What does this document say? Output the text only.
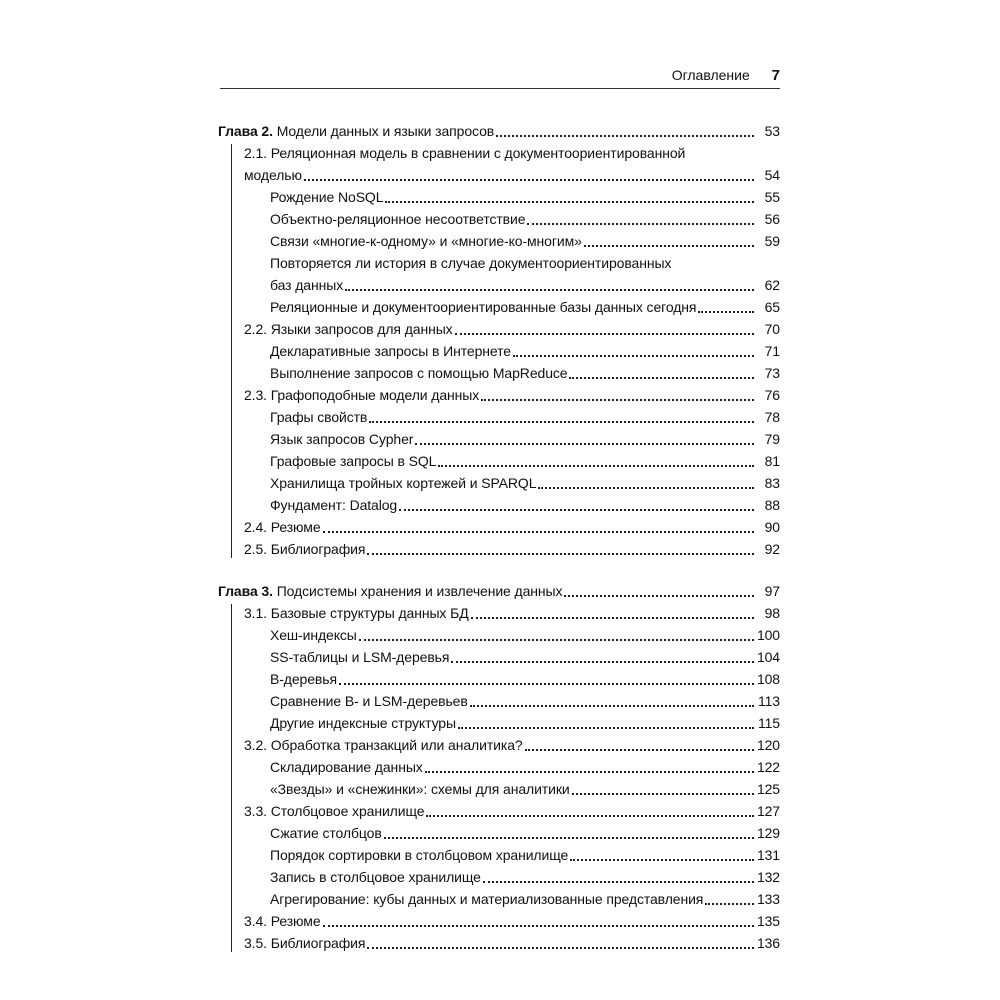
Оглавление 7
Глава 2. Модели данных и языки запросов	53
2.1. Реляционная модель в сравнении с документоориентированной
моделью	54
Рождение NoSQL	55
Объектно-реляционное несоответствие	56
Связи «многие-к-одному» и «многие-ко-многим»	59
Повторяется ли история в случае документоориентированных
баз данных	62
Реляционные и документоориентированные базы данных сегодня	65
2.2. Языки запросов для данных	70
Декларативные запросы в Интернете	71
Выполнение запросов с помощью MapReduce	73
2.3. Графоподобные модели данных	76
Графы свойств	78
Язык запросов Cypher	79
Графовые запросы в SQL	81
Хранилища тройных кортежей и SPARQL	83
Фундамент: Datalog	88
2.4. Резюме	90
2.5. Библиография	92
Глава 3. Подсистемы хранения и извлечение данных	97
3.1. Базовые структуры данных БД	98
Хеш-индексы	100
SS-таблицы и LSM-деревья	104
B-деревья	108
Сравнение B- и LSM-деревьев	113
Другие индексные структуры	115
3.2. Обработка транзакций или аналитика?	120
Складирование данных	122
«Звезды» и «снежинки»: схемы для аналитики	125
3.3. Столбцовое хранилище	127
Сжатие столбцов	129
Порядок сортировки в столбцовом хранилище	131
Запись в столбцовое хранилище	132
Агрегирование: кубы данных и материализованные представления	133
3.4. Резюме	135
3.5. Библиография	136
